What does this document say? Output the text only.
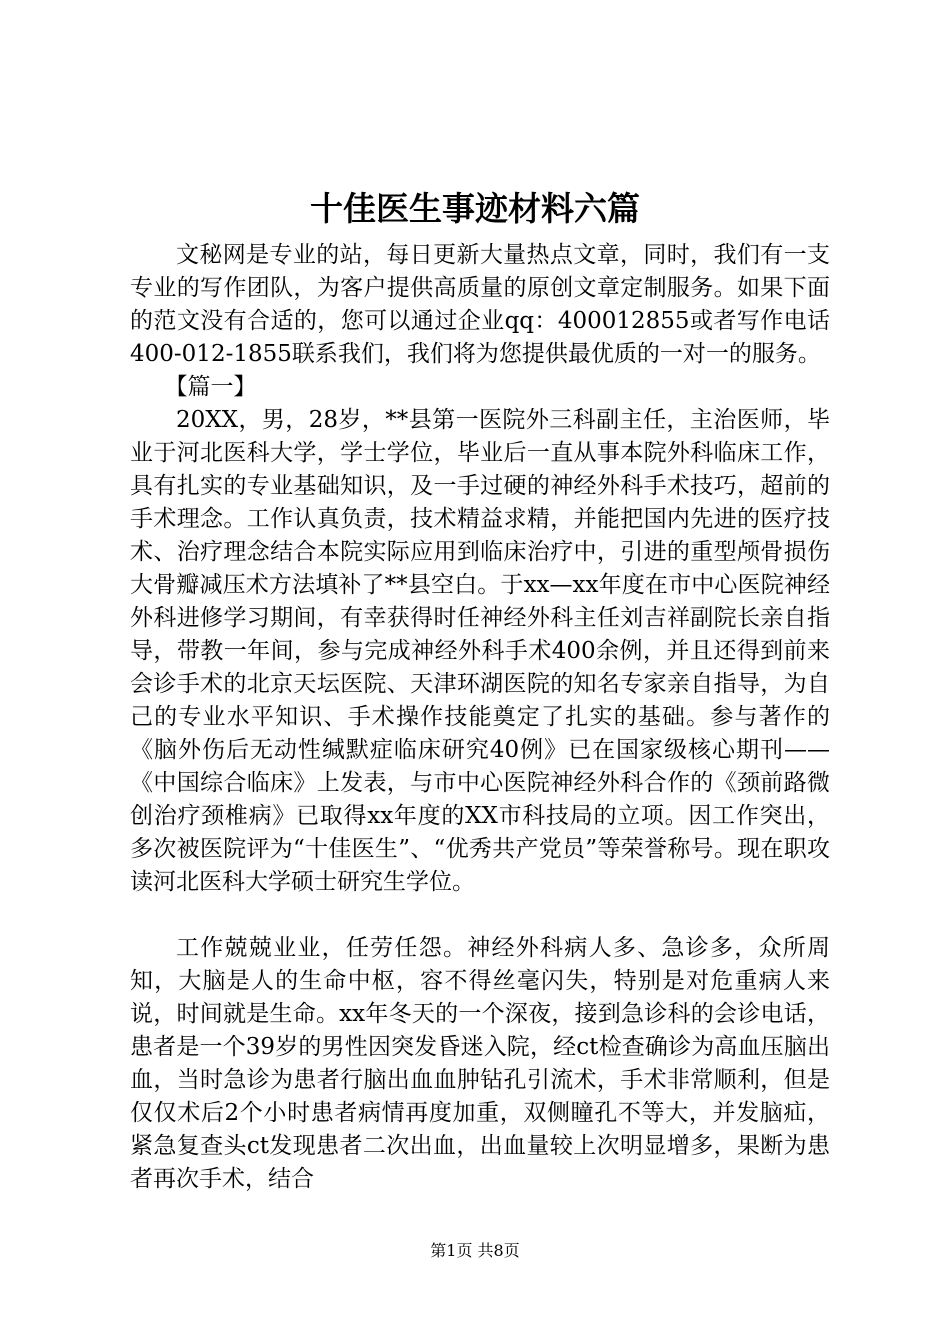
十佳医生事迹材料六篇

文秘网是专业的站，每日更新大量热点文章，同时，我们有一支专业的写作团队，为客户提供高质量的原创文章定制服务。如果下面的范文没有合适的，您可以通过企业qq：400012855或者写作电话400-012-1855联系我们，我们将为您提供最优质的一对一的服务。

【篇一】

20XX，男，28岁，**县第一医院外三科副主任，主治医师，毕业于河北医科大学，学士学位，毕业后一直从事本院外科临床工作，具有扎实的专业基础知识，及一手过硬的神经外科手术技巧，超前的手术理念。工作认真负责，技术精益求精，并能把国内先进的医疗技术、治疗理念结合本院实际应用到临床治疗中，引进的重型颅骨损伤大骨瓣减压术方法填补了**县空白。于xx—xx年度在市中心医院神经外科进修学习期间，有幸获得时任神经外科主任刘吉祥副院长亲自指导，带教一年间，参与完成神经外科手术400余例，并且还得到前来会诊手术的北京天坛医院、天津环湖医院的知名专家亲自指导，为自己的专业水平知识、手术操作技能奠定了扎实的基础。参与著作的《脑外伤后无动性缄默症临床研究40例》已在国家级核心期刊——《中国综合临床》上发表，与市中心医院神经外科合作的《颈前路微创治疗颈椎病》已取得xx年度的XX市科技局的立项。因工作突出，多次被医院评为“十佳医生”、“优秀共产党员”等荣誉称号。现在职攻读河北医科大学硕士研究生学位。

工作兢兢业业，任劳任怨。神经外科病人多、急诊多，众所周知，大脑是人的生命中枢，容不得丝毫闪失，特别是对危重病人来说，时间就是生命。xx年冬天的一个深夜，接到急诊科的会诊电话，患者是一个39岁的男性因突发昏迷入院，经ct检查确诊为高血压脑出血，当时急诊为患者行脑出血血肿钻孔引流术，手术非常顺利，但是仅仅术后2个小时患者病情再度加重，双侧瞳孔不等大，并发脑疝，紧急复查头ct发现患者二次出血，出血量较上次明显增多，果断为患者再次手术，结合

第1页 共8页
